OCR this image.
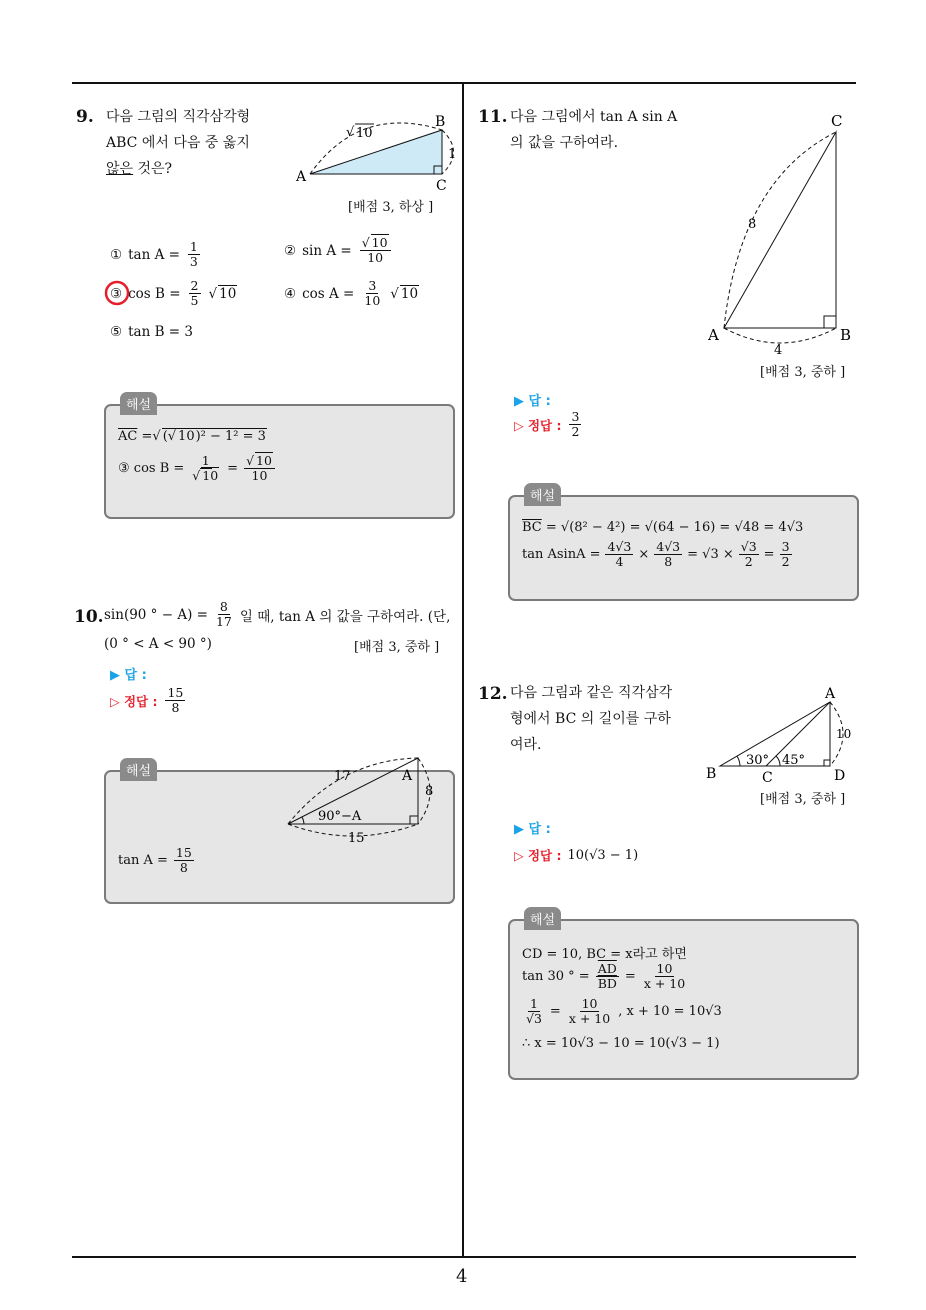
4
9. 다음 그림의 직각삼각형
ABC 에서 다음 중 옳지
않은 것은?	A
B
C
√ 10
1
[배점 3, 하상 ]
① $\tan A = \frac{1}{3}$	② $\sin A = \frac{√ 10}{10}$
③ $\cos B = \frac{2}{5}$ √ 10	④ $\cos A = \frac{3}{10}$ √ 10
⑤ tan B = 3
해설
$\overline{AC}$
= √ (√ 10)² − 1² = 3
③ $\cos B = \frac{1}{√ 10} = \frac{√ 10}{10}$
10. sin(90 ° − $A) = \frac{8}{17}$ 일 때, tan A 의 값을 구하여라. (단,
(0 ° < A < 90 °)	[배점 3, 중하 ]
▶ 답 :
▷ 정답 : $\frac{15}{8}$
해설	A
17
8
15
90°−A
$\tan A = \frac{15}{8}$
11. 다음 그림에서 tan A sin A
의 값을 구하여라.
C
A	B
8
4
[배점 3, 중하 ]
▶ 답 :
▷ 정답 : $\frac{3}{2}$
해설
$\overline{BC}$
= √(8² − 4²) = √(64 − 16) = √48 = 4√3
$\tan AsinA = \frac{4√3}{4} \times \frac{4√3}{8} = √3 \times \frac{√3}{2} = \frac{3}{2}$
12. 다음 그림과 같은 직각삼각
형에서 BC 의 길이를 구하
여라.
A
B	C	D
10
30° 45°
[배점 3, 중하 ]
▶ 답 :
▷ 정답 : 10(√3 − 1)
해설
CD = 10, BC = x라고 하면
tan 30 ° = $\frac{\overline{AD}}{BD} = \frac{10}{x + 10}$
$\frac{1}{√3} = \frac{10}{x + 10}$ , x + 10 = 10√3
∴ x = 10√3 − 10 = 10(√3 − 1)
